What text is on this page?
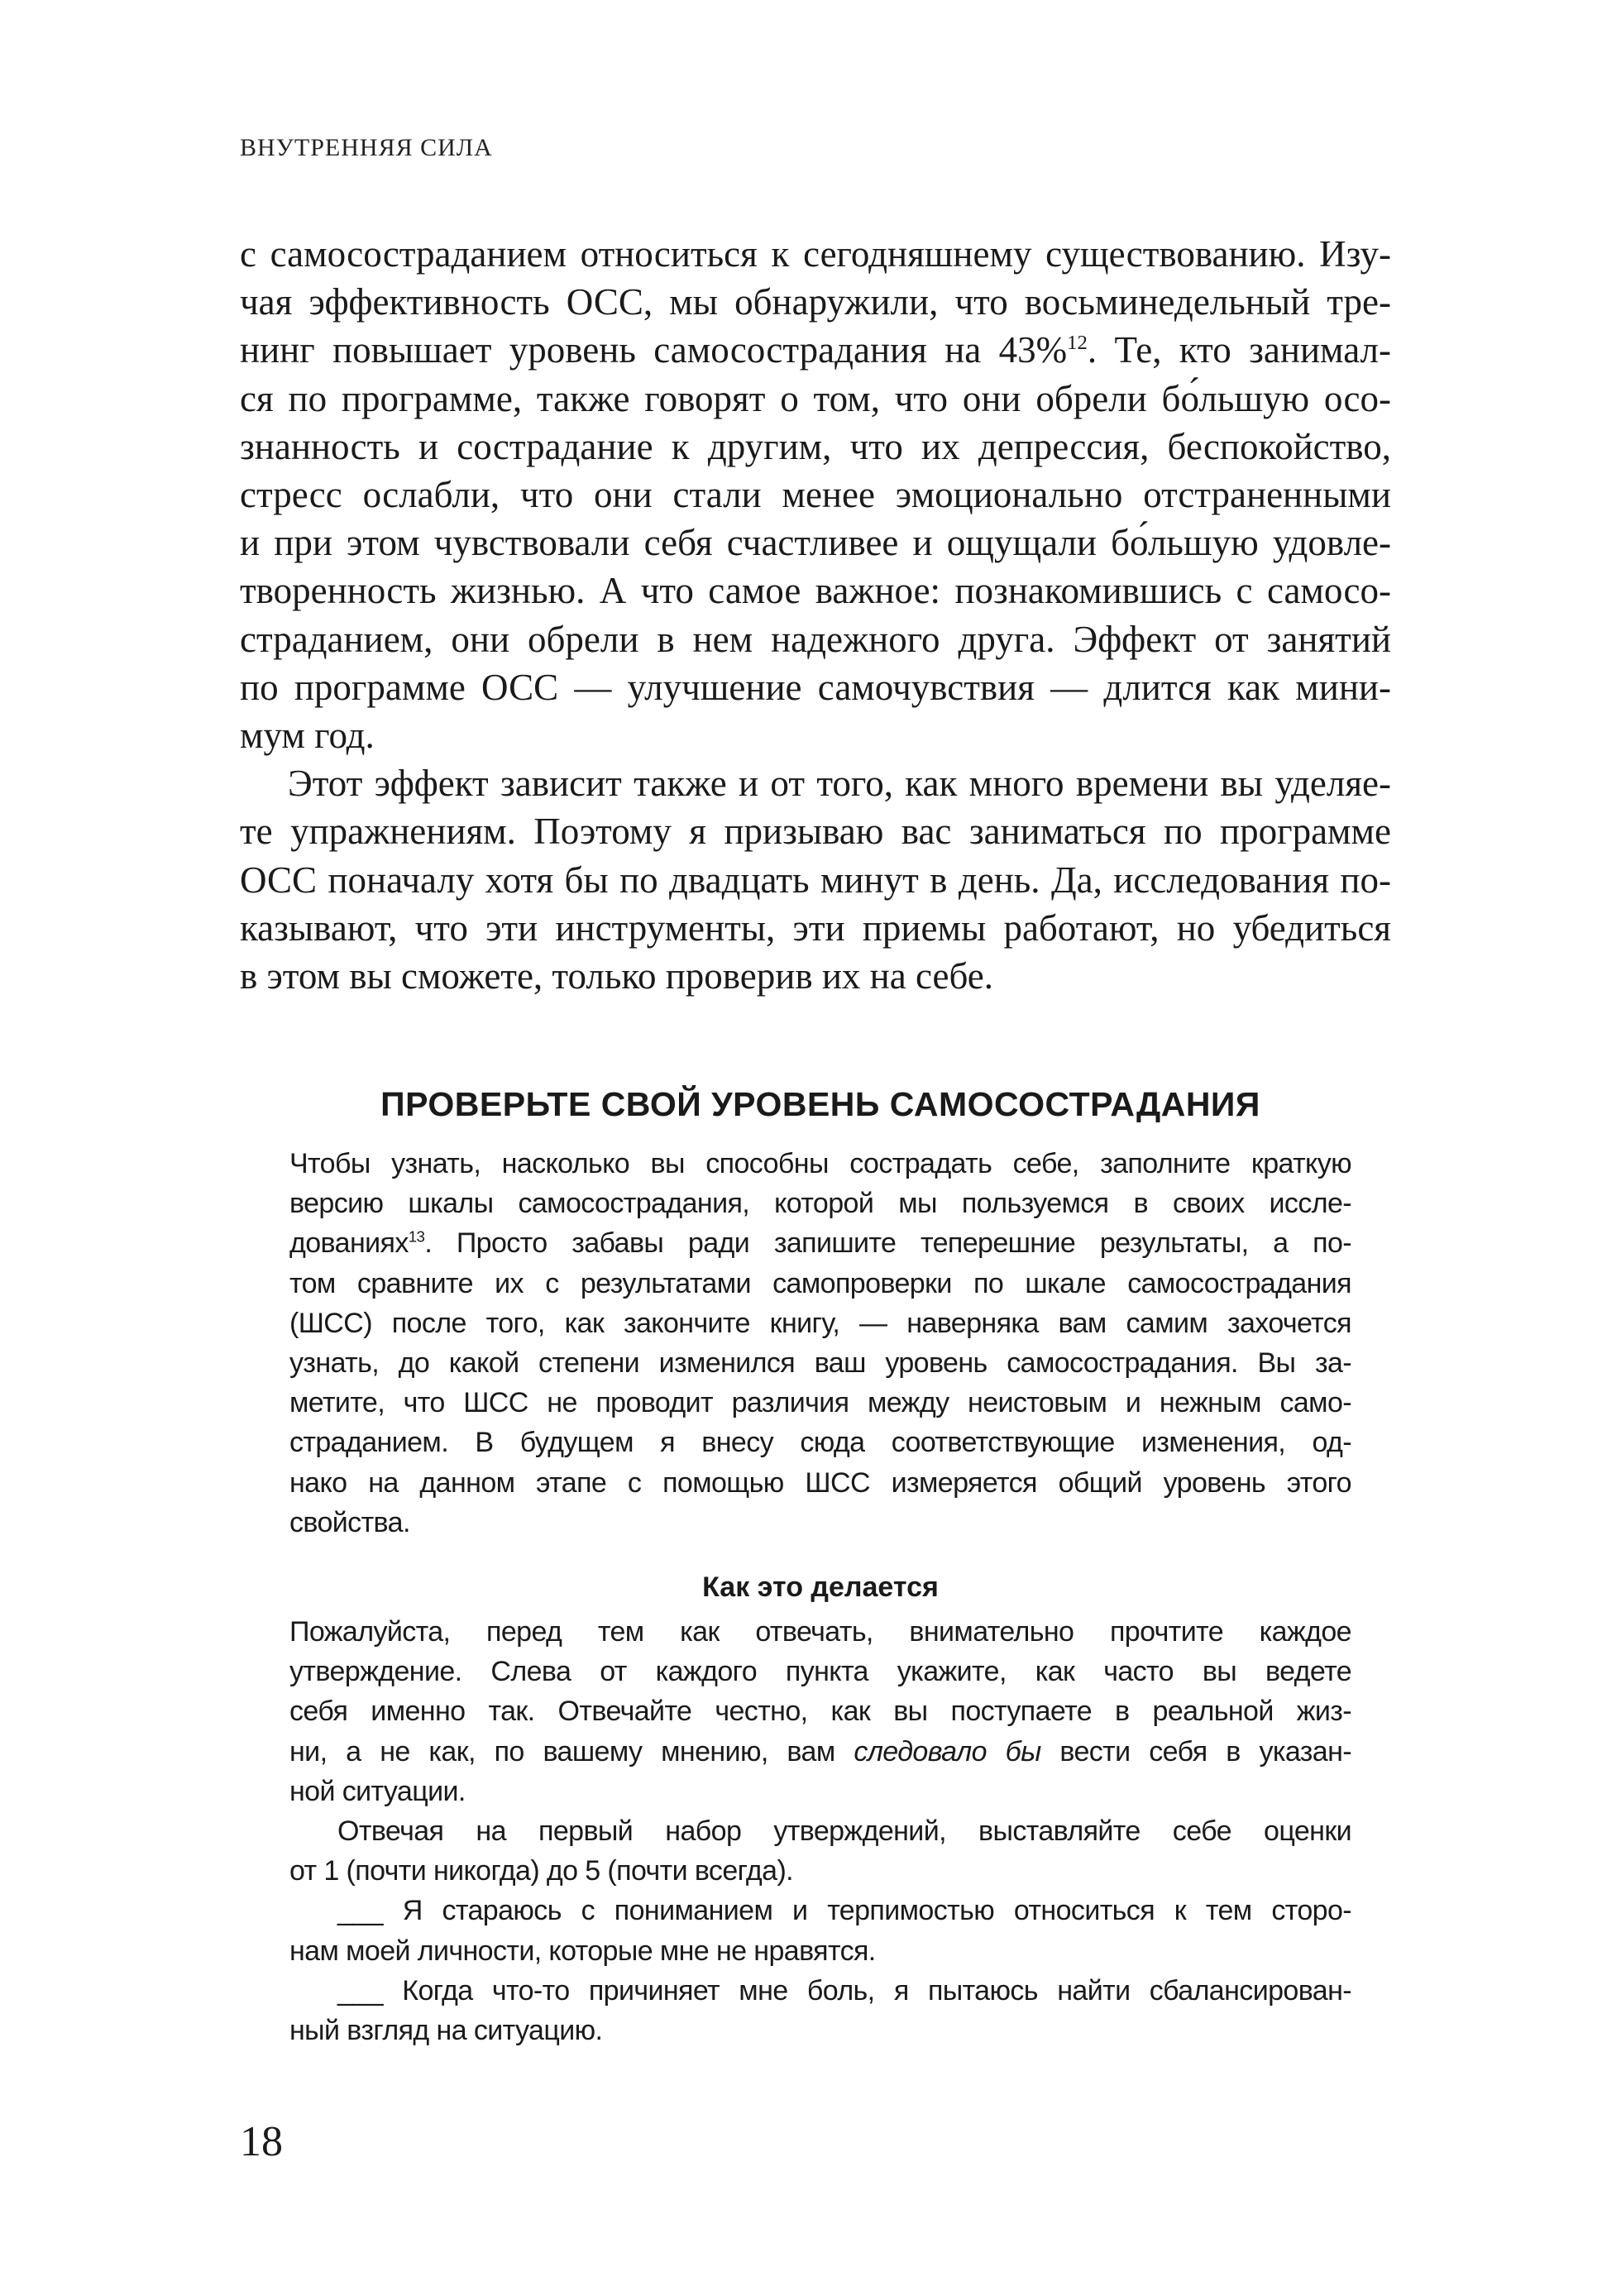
ВНУТРЕННЯЯ СИЛА

с самосостраданием относиться к сегодняшнему существованию. Изу-
чая эффективность ОСС, мы обнаружили, что восьминедельный тре-
нинг повышает уровень самосострадания на 43%$^{12}$. Те, кто занимал-
ся по программе, также говорят о том, что они обрели бо́льшую осо-
знанность и сострадание к другим, что их депрессия, беспокойство,
стресс ослабли, что они стали менее эмоционально отстраненными
и при этом чувствовали себя счастливее и ощущали бо́льшую удовле-
творенность жизнью. А что самое важное: познакомившись с самосо-
страданием, они обрели в нем надежного друга. Эффект от занятий
по программе ОСС — улучшение самочувствия — длится как мини-
мум год.

Этот эффект зависит также и от того, как много времени вы уделяе-
те упражнениям. Поэтому я призываю вас заниматься по программе
ОСС поначалу хотя бы по двадцать минут в день. Да, исследования по-
казывают, что эти инструменты, эти приемы работают, но убедиться
в этом вы сможете, только проверив их на себе.

ПРОВЕРЬТЕ СВОЙ УРОВЕНЬ САМОСОСТРАДАНИЯ
Чтобы узнать, насколько вы способны сострадать себе, заполните краткую
версию шкалы самосострадания, которой мы пользуемся в своих иссле-
дованиях$^{13}$. Просто забавы ради запишите теперешние результаты, а по-
том сравните их с результатами самопроверки по шкале самосострадания
(ШСС) после того, как закончите книгу, — наверняка вам самим захочется
узнать, до какой степени изменился ваш уровень самосострадания. Вы за-
метите, что ШСС не проводит различия между неистовым и нежным само-
страданием. В будущем я внесу сюда соответствующие изменения, од-
нако на данном этапе с помощью ШСС измеряется общий уровень этого
свойства.
Как это делается
Пожалуйста, перед тем как отвечать, внимательно прочтите каждое
утверждение. Слева от каждого пункта укажите, как часто вы ведете
себя именно так. Отвечайте честно, как вы поступаете в реальной жиз-
ни, а не как, по вашему мнению, вам следовало бы вести себя в указан-
ной ситуации.
Отвечая на первый набор утверждений, выставляйте себе оценки
от 1 (почти никогда) до 5 (почти всегда).
___ Я стараюсь с пониманием и терпимостью относиться к тем сторо-
нам моей личности, которые мне не нравятся.
___ Когда что-то причиняет мне боль, я пытаюсь найти сбалансирован-
ный взгляд на ситуацию.
18
